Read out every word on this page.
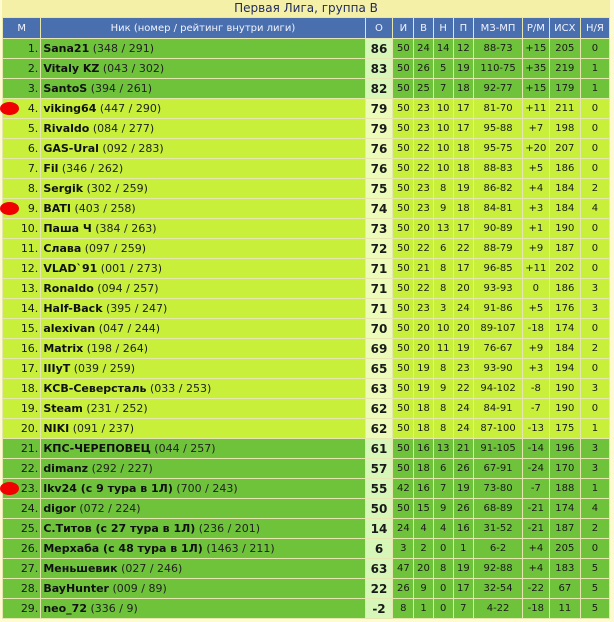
Первая Лига, группа В
М	Ник (номер / рейтинг внутри лиги)	О	И	В	Н	П	МЗ-МП	Р/М	ИСХ	Н/Я
1.	Sana21 (348 / 291)	86	50	24	14	12	88-73	+15	205	0
2.	Vitaly KZ (043 / 302)	83	50	26	5	19	110-75	+35	219	1
3.	SantoS (394 / 261)	82	50	25	7	18	92-77	+15	179	1
4.	viking64 (447 / 290)	79	50	23	10	17	81-70	+11	211	0
5.	Rivaldo (084 / 277)	79	50	23	10	17	95-88	+7	198	0
6.	GAS-Ural (092 / 283)	76	50	22	10	18	95-75	+20	207	0
7.	Fil (346 / 262)	76	50	22	10	18	88-83	+5	186	0
8.	Sergik (302 / 259)	75	50	23	8	19	86-82	+4	184	2
9.	BATI (403 / 258)	74	50	23	9	18	84-81	+3	184	4
10.	Паша Ч (384 / 263)	73	50	20	13	17	90-89	+1	190	0
11.	Слава (097 / 259)	72	50	22	6	22	88-79	+9	187	0
12.	VLAD`91 (001 / 273)	71	50	21	8	17	96-85	+11	202	0
13.	Ronaldo (094 / 257)	71	50	22	8	20	93-93	0	186	3
14.	Half-Back (395 / 247)	71	50	23	3	24	91-86	+5	176	3
15.	alexivan (047 / 244)	70	50	20	10	20	89-107	-18	174	0
16.	Matrix (198 / 264)	69	50	20	11	19	76-67	+9	184	2
17.	IIIyT (039 / 259)	65	50	19	8	23	93-90	+3	194	0
18.	КСВ-Северсталь (033 / 253)	63	50	19	9	22	94-102	-8	190	3
19.	Steam (231 / 252)	62	50	18	8	24	84-91	-7	190	0
20.	NIKI (091 / 237)	62	50	18	8	24	87-100	-13	175	1
21.	КПС-ЧЕРЕПОВЕЦ (044 / 257)	61	50	16	13	21	91-105	-14	196	3
22.	dimanz (292 / 227)	57	50	18	6	26	67-91	-24	170	3
23.	lkv24 (с 9 тура в 1Л) (700 / 243)	55	42	16	7	19	73-80	-7	188	1
24.	digor (072 / 224)	50	50	15	9	26	68-89	-21	174	4
25.	С.Титов (с 27 тура в 1Л) (236 / 201)	14	24	4	4	16	31-52	-21	187	2
26.	Мерхаба (с 48 тура в 1Л) (1463 / 211)	6	3	2	0	1	6-2	+4	205	0
27.	Меньшевик (027 / 246)	63	47	20	8	19	92-88	+4	183	5
28.	BayHunter (009 / 89)	22	26	9	0	17	32-54	-22	67	5
29.	neo_72 (336 / 9)	-2	8	1	0	7	4-22	-18	11	5
